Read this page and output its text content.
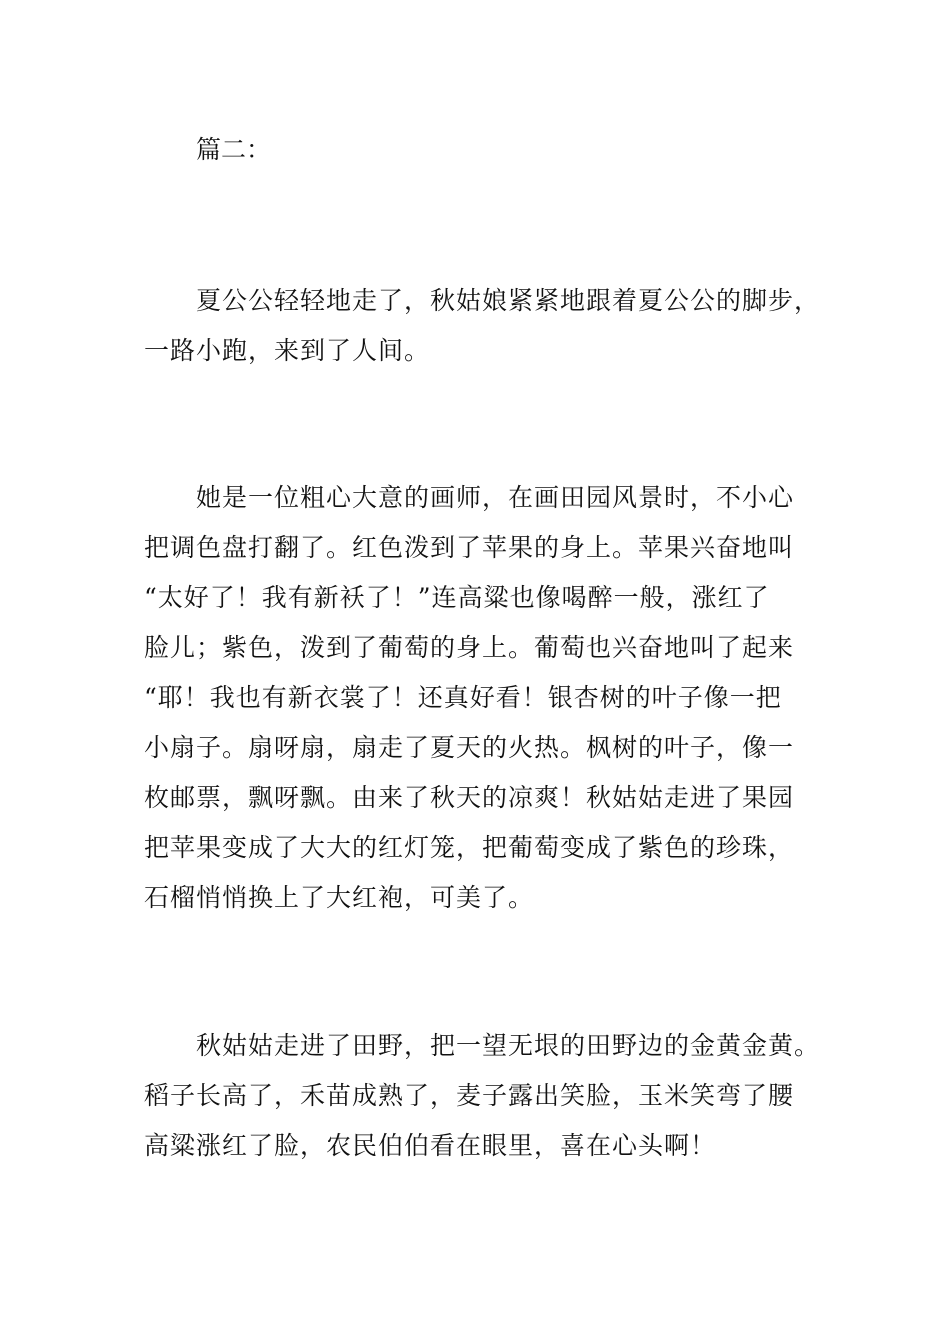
篇二：
夏公公轻轻地走了，秋姑娘紧紧地跟着夏公公的脚步，
一路小跑，来到了人间。
她是一位粗心大意的画师，在画田园风景时，不小心
把调色盘打翻了。红色泼到了苹果的身上。苹果兴奋地叫
“太好了！我有新袄了！”连高粱也像喝醉一般，涨红了
脸儿；紫色，泼到了葡萄的身上。葡萄也兴奋地叫了起来
“耶！我也有新衣裳了！还真好看！银杏树的叶子像一把
小扇子。扇呀扇，扇走了夏天的火热。枫树的叶子，像一
枚邮票，飘呀飘。由来了秋天的凉爽！秋姑姑走进了果园
把苹果变成了大大的红灯笼，把葡萄变成了紫色的珍珠，
石榴悄悄换上了大红袍，可美了。
秋姑姑走进了田野，把一望无垠的田野边的金黄金黄。
稻子长高了，禾苗成熟了，麦子露出笑脸，玉米笑弯了腰
高粱涨红了脸，农民伯伯看在眼里，喜在心头啊！
